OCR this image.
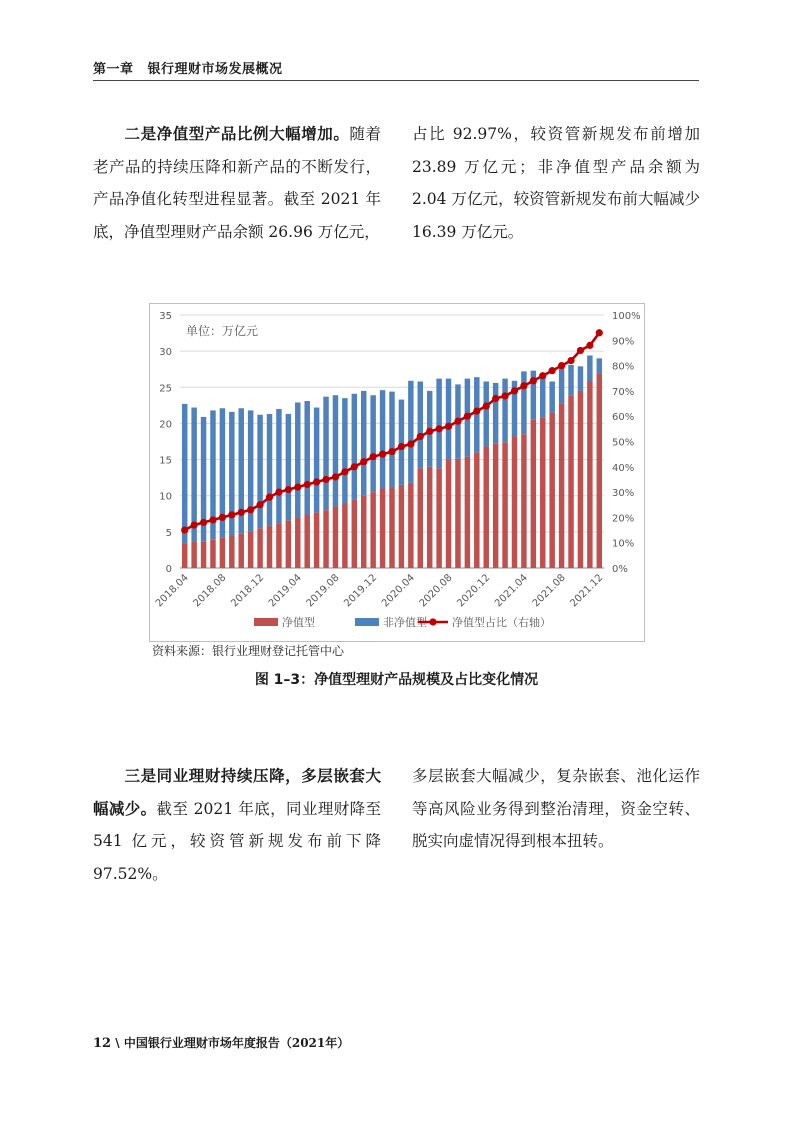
第一章 银行理财市场发展概况
二是净值型产品比例大幅增加。随着老产品的持续压降和新产品的不断发行，产品净值化转型进程显著。截至 2021 年底，净值型理财产品余额 26.96 万亿元，
占比 92.97%，较资管新规发布前增加 23.89 万亿元；非净值型产品余额为 2.04 万亿元，较资管新规发布前大幅减少 16.39 万亿元。
0
5
10
15
20
25
30
35
0%
10%
20%
30%
40%
50%
60%
70%
80%
90%
100%
2018.04 2018.08 2018.12 2019.04 2019.08 2019.12 2020.04 2020.08 2020.12 2021.04 2021.08 2021.12
单位：万亿元
净值型	非净值型 净值型占比（右轴）
资料来源：银行业理财登记托管中心
图 1–3：净值型理财产品规模及占比变化情况
三是同业理财持续压降，多层嵌套大幅减少。截至 2021 年底，同业理财降至 541 亿元，较资管新规发布前下降 97.52%。
多层嵌套大幅减少，复杂嵌套、池化运作等高风险业务得到整治清理，资金空转、脱实向虚情况得到根本扭转。
12 \ 中国银行业理财市场年度报告（2021年）
